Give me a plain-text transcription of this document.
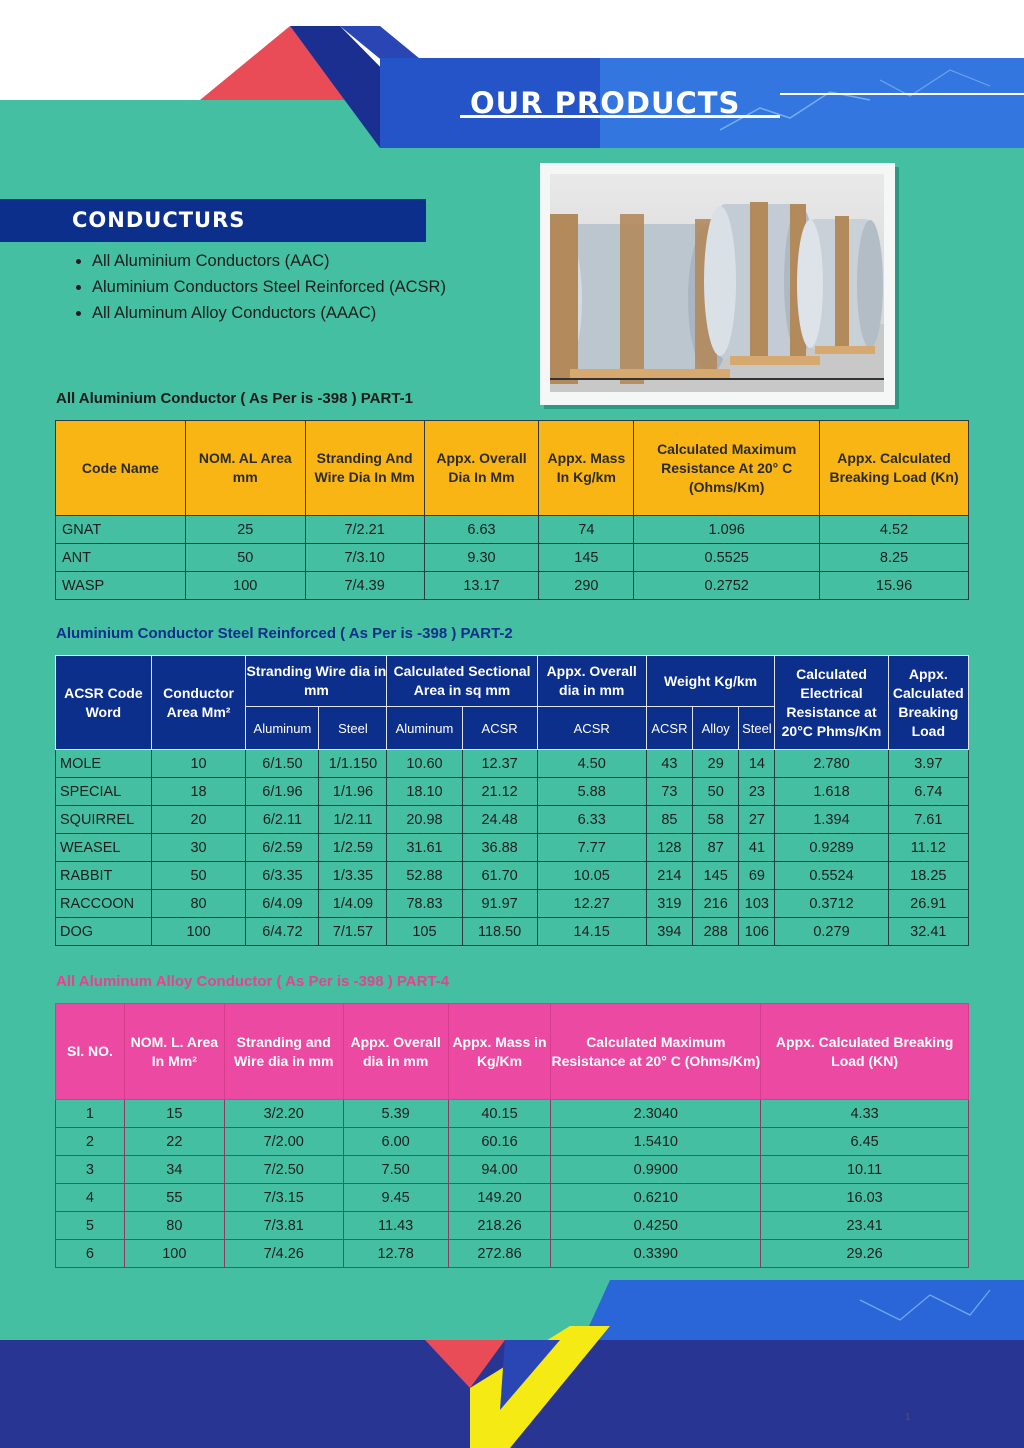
OUR PRODUCTS
CONDUCTURS
• All Aluminium Conductors (AAC)
• Aluminium Conductors Steel Reinforced (ACSR)
• All Aluminum Alloy Conductors (AAAC)
All Aluminium Conductor ( As Per is -398 ) PART-1
Code Name	NOM. AL Area mm	Stranding And Wire Dia In Mm	Appx. Overall Dia In Mm	Appx. Mass In Kg/km	Calculated Maximum Resistance At 20° C (Ohms/Km)	Appx. Calculated Breaking Load (Kn)
GNAT	25	7/2.21	6.63	74	1.096	4.52
ANT	50	7/3.10	9.30	145	0.5525	8.25
WASP	100	7/4.39	13.17	290	0.2752	15.96
Aluminium Conductor Steel Reinforced ( As Per is -398 ) PART-2
ACSR Code Word	Conductor Area Mm²	Stranding Wire dia in mm		Calculated Sectional Area in sq mm		Appx. Overall dia in mm	Weight Kg/km			Calculated Electrical Resistance at 20°C Phms/Km	Appx. Calculated Breaking Load
		Aluminum	Steel	Aluminum	ACSR	ACSR	ACSR	Alloy	Steel		
MOLE	10	6/1.50	1/1.150	10.60	12.37	4.50	43	29	14	2.780	3.97
SPECIAL	18	6/1.96	1/1.96	18.10	21.12	5.88	73	50	23	1.618	6.74
SQUIRREL	20	6/2.11	1/2.11	20.98	24.48	6.33	85	58	27	1.394	7.61
WEASEL	30	6/2.59	1/2.59	31.61	36.88	7.77	128	87	41	0.9289	11.12
RABBIT	50	6/3.35	1/3.35	52.88	61.70	10.05	214	145	69	0.5524	18.25
RACCOON	80	6/4.09	1/4.09	78.83	91.97	12.27	319	216	103	0.3712	26.91
DOG	100	6/4.72	7/1.57	105	118.50	14.15	394	288	106	0.279	32.41
All Aluminum Alloy Conductor ( As Per is -398 ) PART-4
SI. NO.	NOM. L. Area In Mm²	Stranding and Wire dia in mm	Appx. Overall dia in mm	Appx. Mass in Kg/Km	Calculated Maximum Resistance at 20° C (Ohms/Km)	Appx. Calculated Breaking Load (KN)
1	15	3/2.20	5.39	40.15	2.3040	4.33
2	22	7/2.00	6.00	60.16	1.5410	6.45
3	34	7/2.50	7.50	94.00	0.9900	10.11
4	55	7/3.15	9.45	149.20	0.6210	16.03
5	80	7/3.81	11.43	218.26	0.4250	23.41
6	100	7/4.26	12.78	272.86	0.3390	29.26
1
